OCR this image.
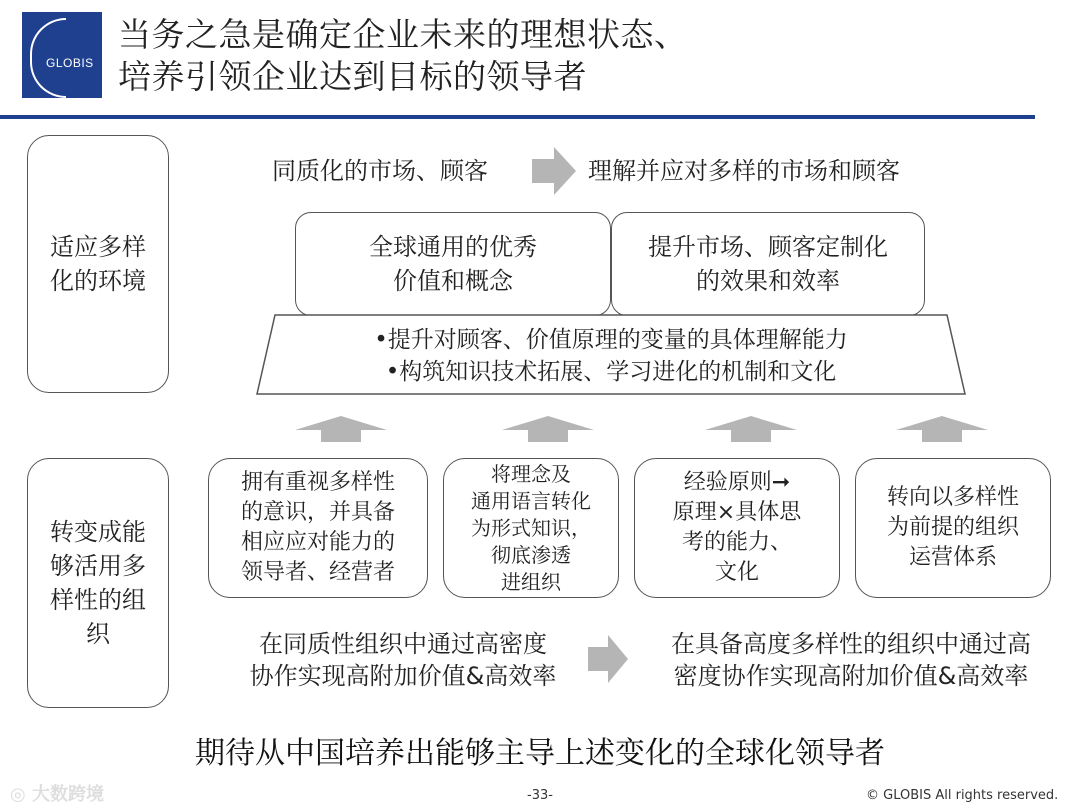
GLOBIS
当务之急是确定企业未来的理想状态、
培养引领企业达到目标的领导者
适应多样
化的环境
转变成能
够活用多
样性的组
织
同质化的市场、顾客	理解并应对多样的市场和顾客
全球通用的优秀
价值和概念
提升市场、顾客定制化
的效果和效率
•提升对顾客、价值原理的变量的具体理解能力
•构筑知识技术拓展、学习进化的机制和文化
拥有重视多样性
的意识，并具备
相应应对能力的
领导者、经营者
将理念及
通用语言转化
为形式知识，
彻底渗透
进组织
经验原则➞
原理×具体思
考的能力、
文化
转向以多样性
为前提的组织
运营体系
在同质性组织中通过高密度
协作实现高附加价值&高效率
在具备高度多样性的组织中通过高
密度协作实现高附加价值&高效率
期待从中国培养出能够主导上述变化的全球化领导者
-33-	© GLOBIS All rights reserved.
◎ 大数跨境
